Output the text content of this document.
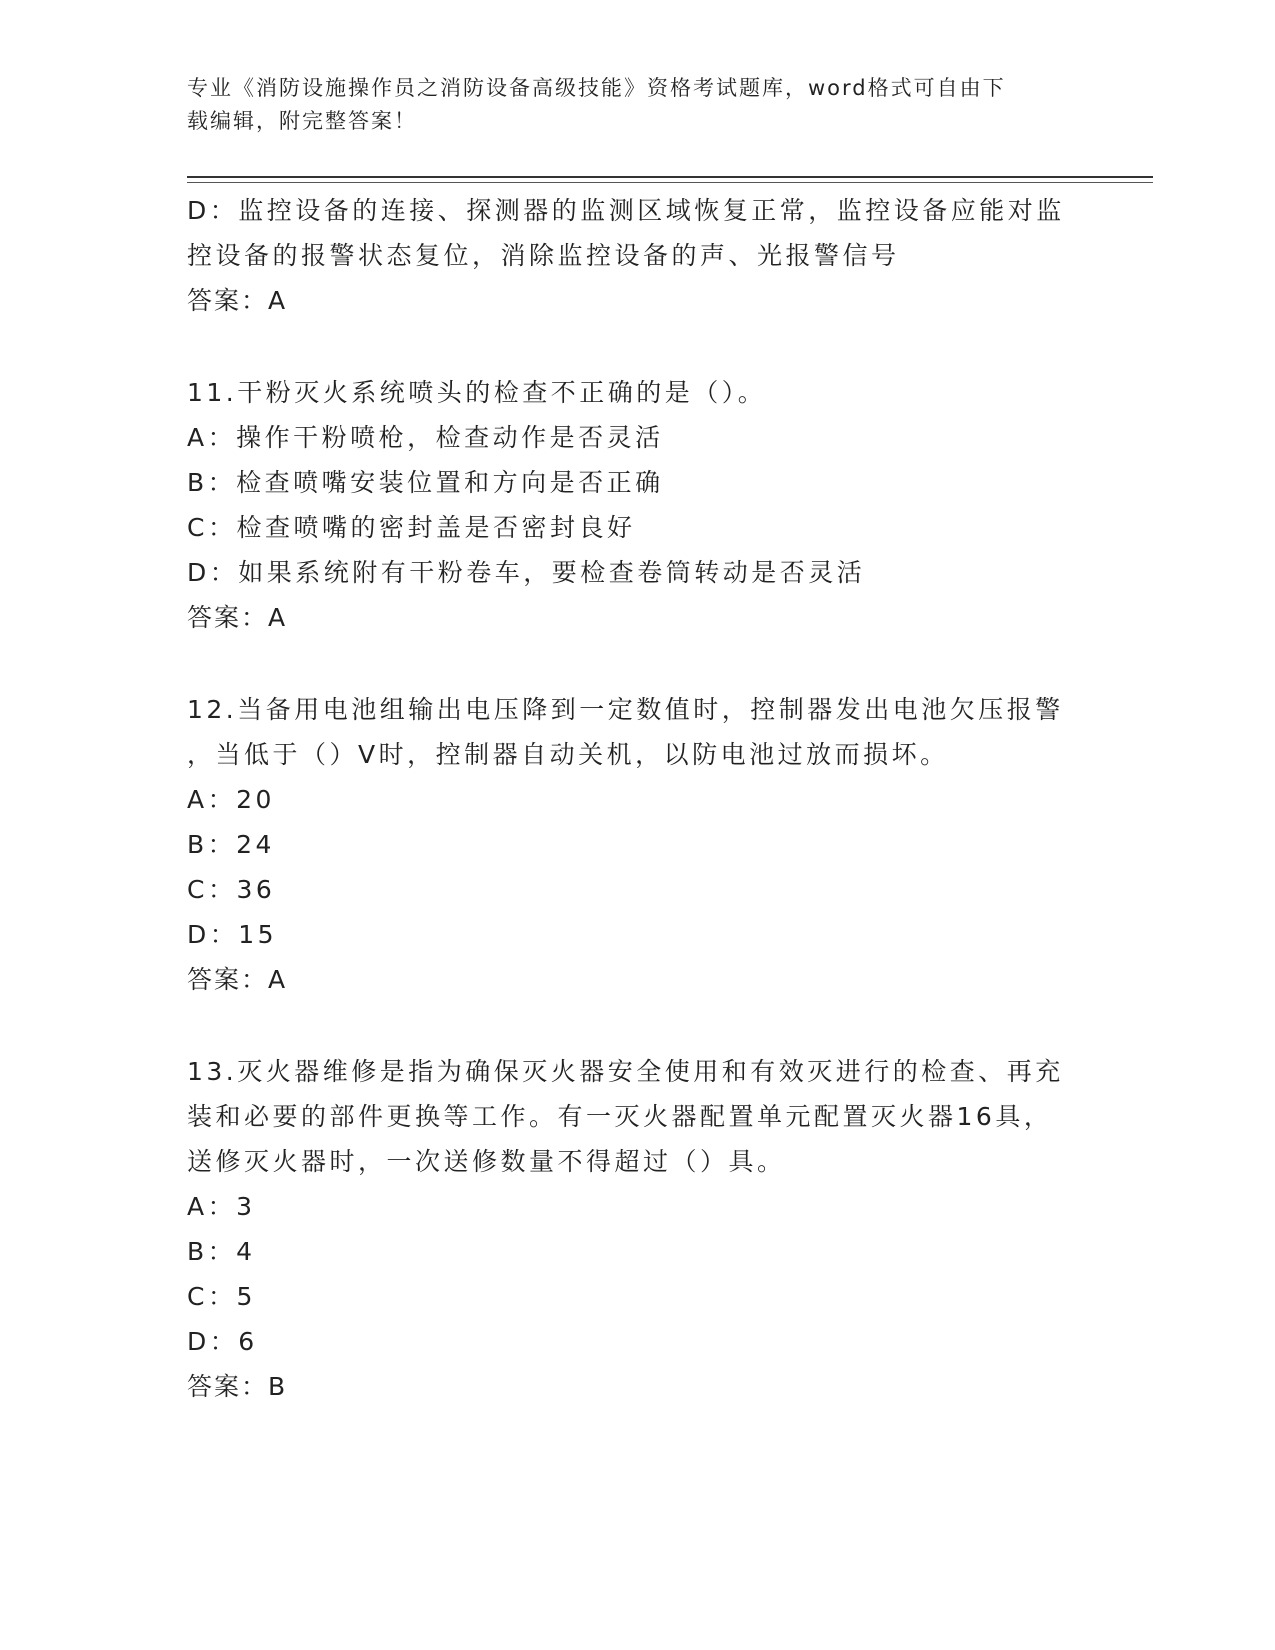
专业《消防设施操作员之消防设备高级技能》资格考试题库，word格式可自由下
载编辑，附完整答案！
D：监控设备的连接、探测器的监测区域恢复正常，监控设备应能对监
控设备的报警状态复位，消除监控设备的声、光报警信号
答案：A
11.干粉灭火系统喷头的检查不正确的是（）。
A：操作干粉喷枪，检查动作是否灵活
B：检查喷嘴安装位置和方向是否正确
C：检查喷嘴的密封盖是否密封良好
D：如果系统附有干粉卷车，要检查卷筒转动是否灵活
答案：A
12.当备用电池组输出电压降到一定数值时，控制器发出电池欠压报警
，当低于（）V时，控制器自动关机，以防电池过放而损坏。
A：20
B：24
C：36
D：15
答案：A
13.灭火器维修是指为确保灭火器安全使用和有效灭进行的检查、再充
装和必要的部件更换等工作。有一灭火器配置单元配置灭火器16具，
送修灭火器时，一次送修数量不得超过（）具。
A：3
B：4
C：5
D：6
答案：B
